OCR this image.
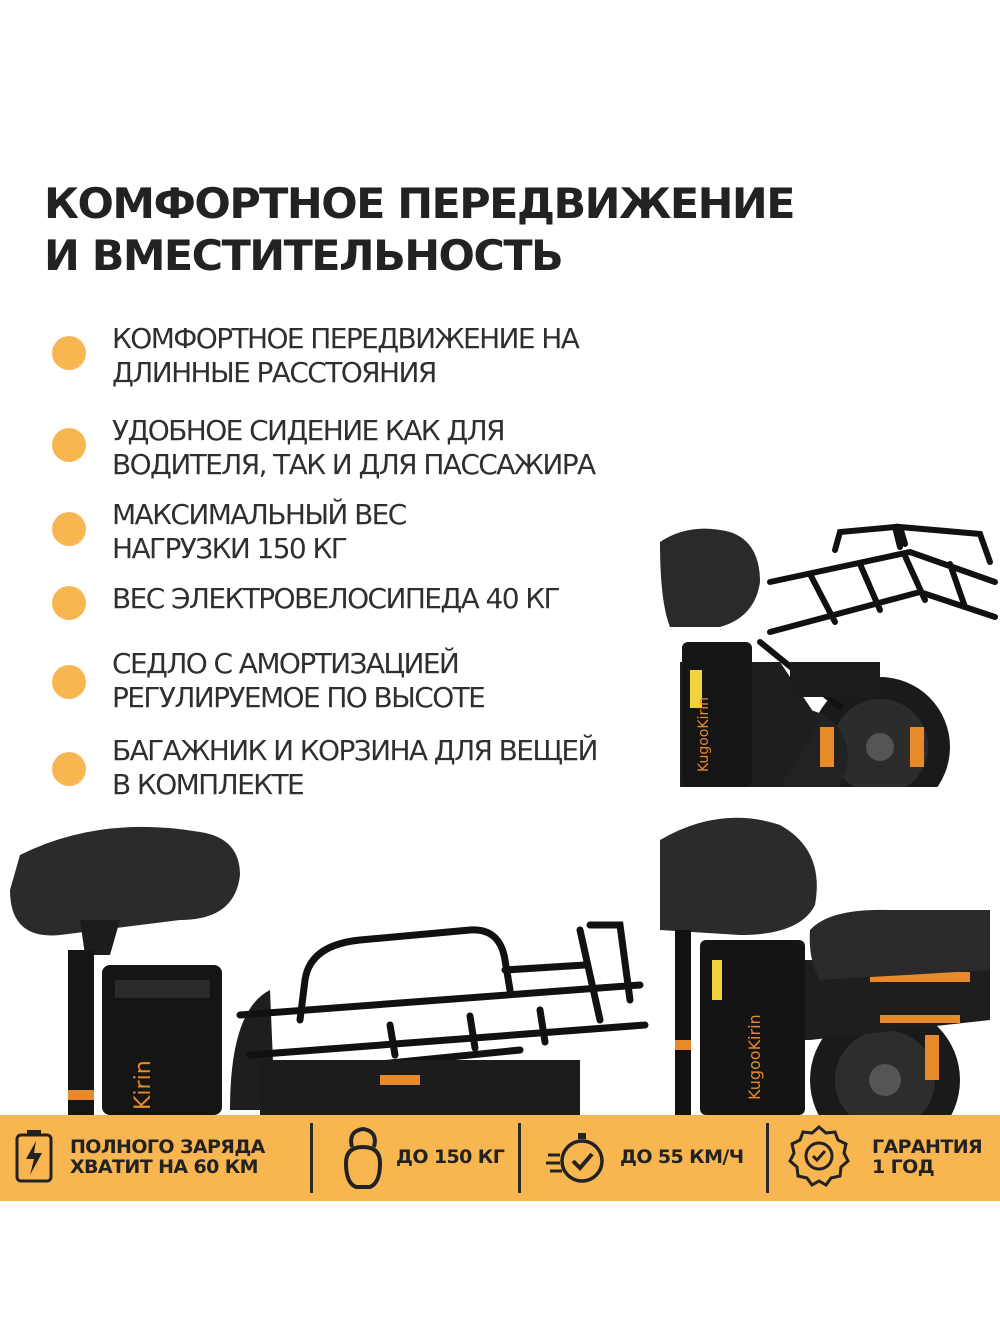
КОМФОРТНОЕ ПЕРЕДВИЖЕНИЕ
И ВМЕСТИТЕЛЬНОСТЬ
КОМФОРТНОЕ ПЕРЕДВИЖЕНИЕ НА
ДЛИННЫЕ РАССТОЯНИЯ
УДОБНОЕ СИДЕНИЕ КАК ДЛЯ
ВОДИТЕЛЯ, ТАК И ДЛЯ ПАССАЖИРА
МАКСИМАЛЬНЫЙ ВЕС
НАГРУЗКИ 150 КГ
ВЕС ЭЛЕКТРОВЕЛОСИПЕДА 40 КГ
СЕДЛО С АМОРТИЗАЦИЕЙ
РЕГУЛИРУЕМОЕ ПО ВЫСОТЕ
БАГАЖНИК И КОРЗИНА ДЛЯ ВЕЩЕЙ
В КОМПЛЕКТЕ
KugooKirin
KugooKirin
Kirin
ПОЛНОГО ЗАРЯДА
ХВАТИТ НА 60 КМ	ДО 150 КГ	ДО 55 КМ/Ч	ГАРАНТИЯ
1 ГОД
